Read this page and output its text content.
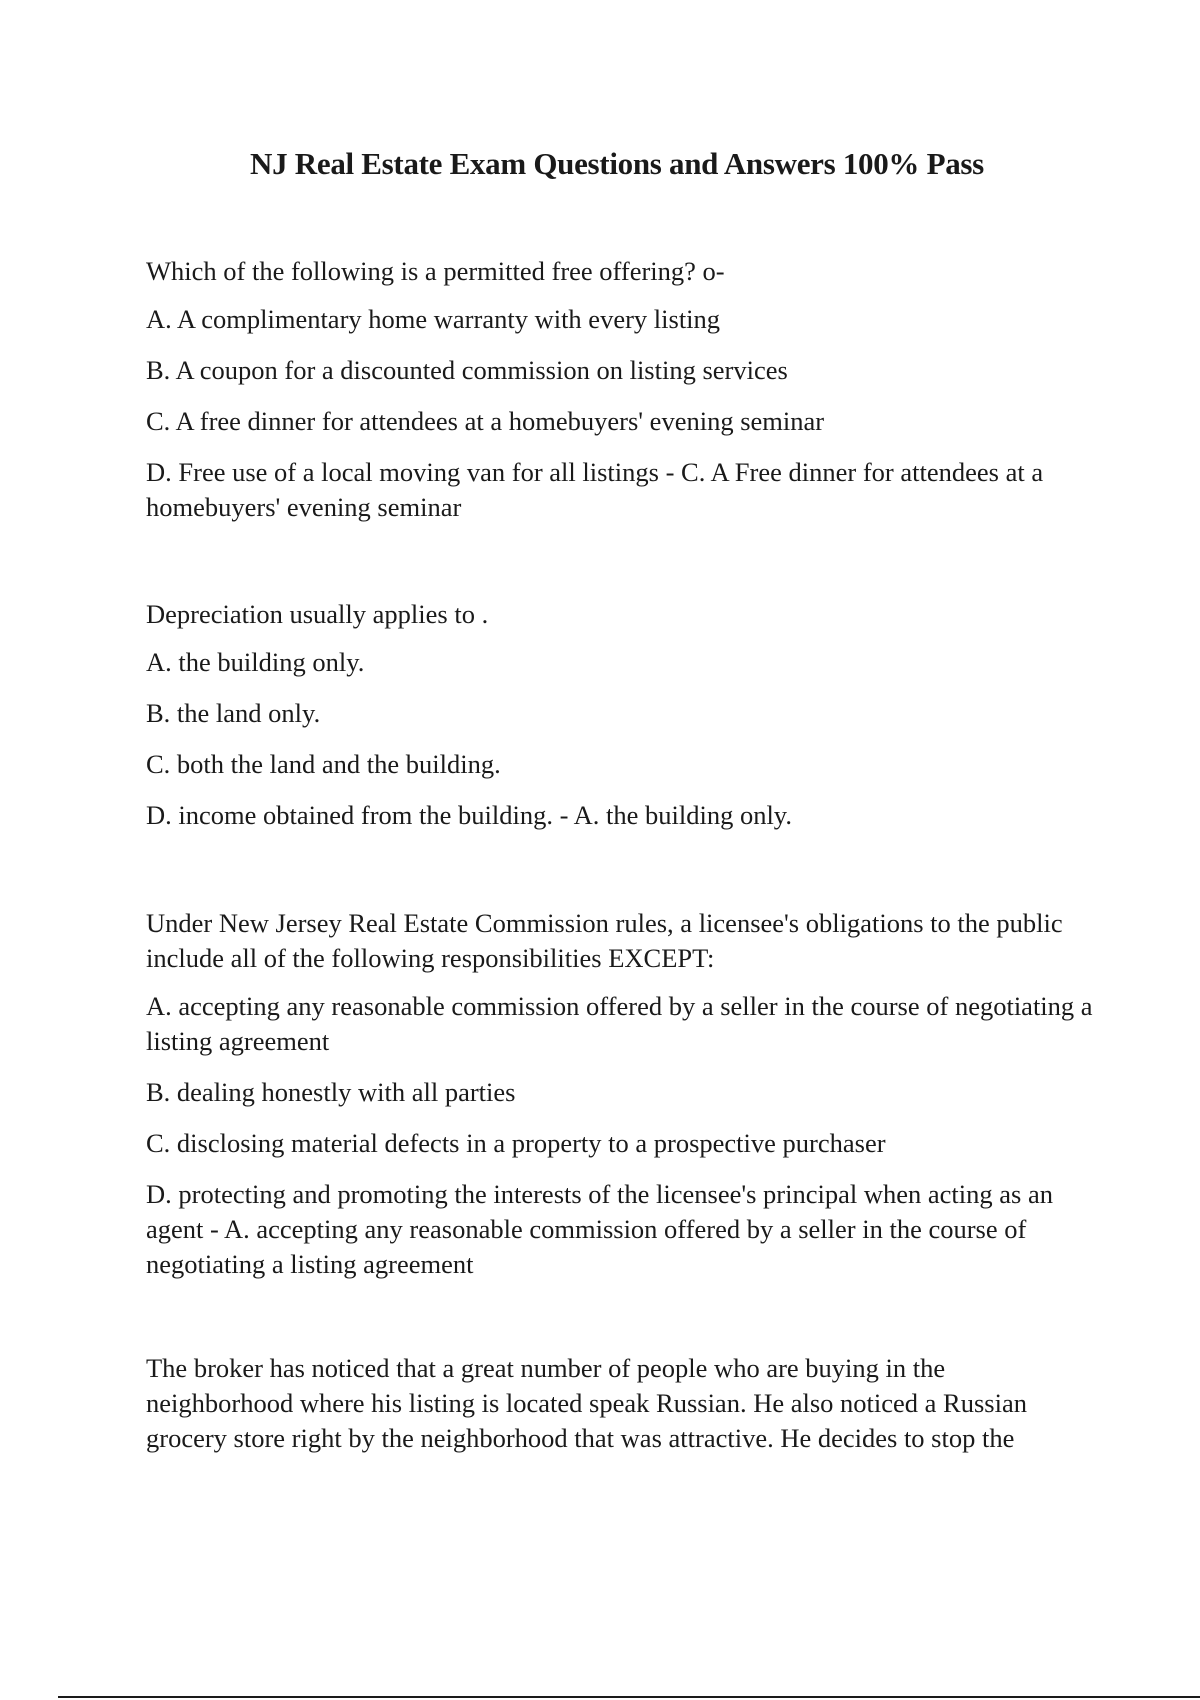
NJ Real Estate Exam Questions and Answers 100% Pass

Which of the following is a permitted free offering? o-

A. A complimentary home warranty with every listing

B. A coupon for a discounted commission on listing services

C. A free dinner for attendees at a homebuyers' evening seminar

D. Free use of a local moving van for all listings - C. A Free dinner for attendees at a homebuyers' evening seminar

Depreciation usually applies to .

A. the building only.

B. the land only.

C. both the land and the building.

D. income obtained from the building. - A. the building only.

Under New Jersey Real Estate Commission rules, a licensee's obligations to the public include all of the following responsibilities EXCEPT:

A. accepting any reasonable commission offered by a seller in the course of negotiating a listing agreement

B. dealing honestly with all parties

C. disclosing material defects in a property to a prospective purchaser

D. protecting and promoting the interests of the licensee's principal when acting as an agent - A. accepting any reasonable commission offered by a seller in the course of negotiating a listing agreement

The broker has noticed that a great number of people who are buying in the neighborhood where his listing is located speak Russian. He also noticed a Russian grocery store right by the neighborhood that was attractive. He decides to stop the
